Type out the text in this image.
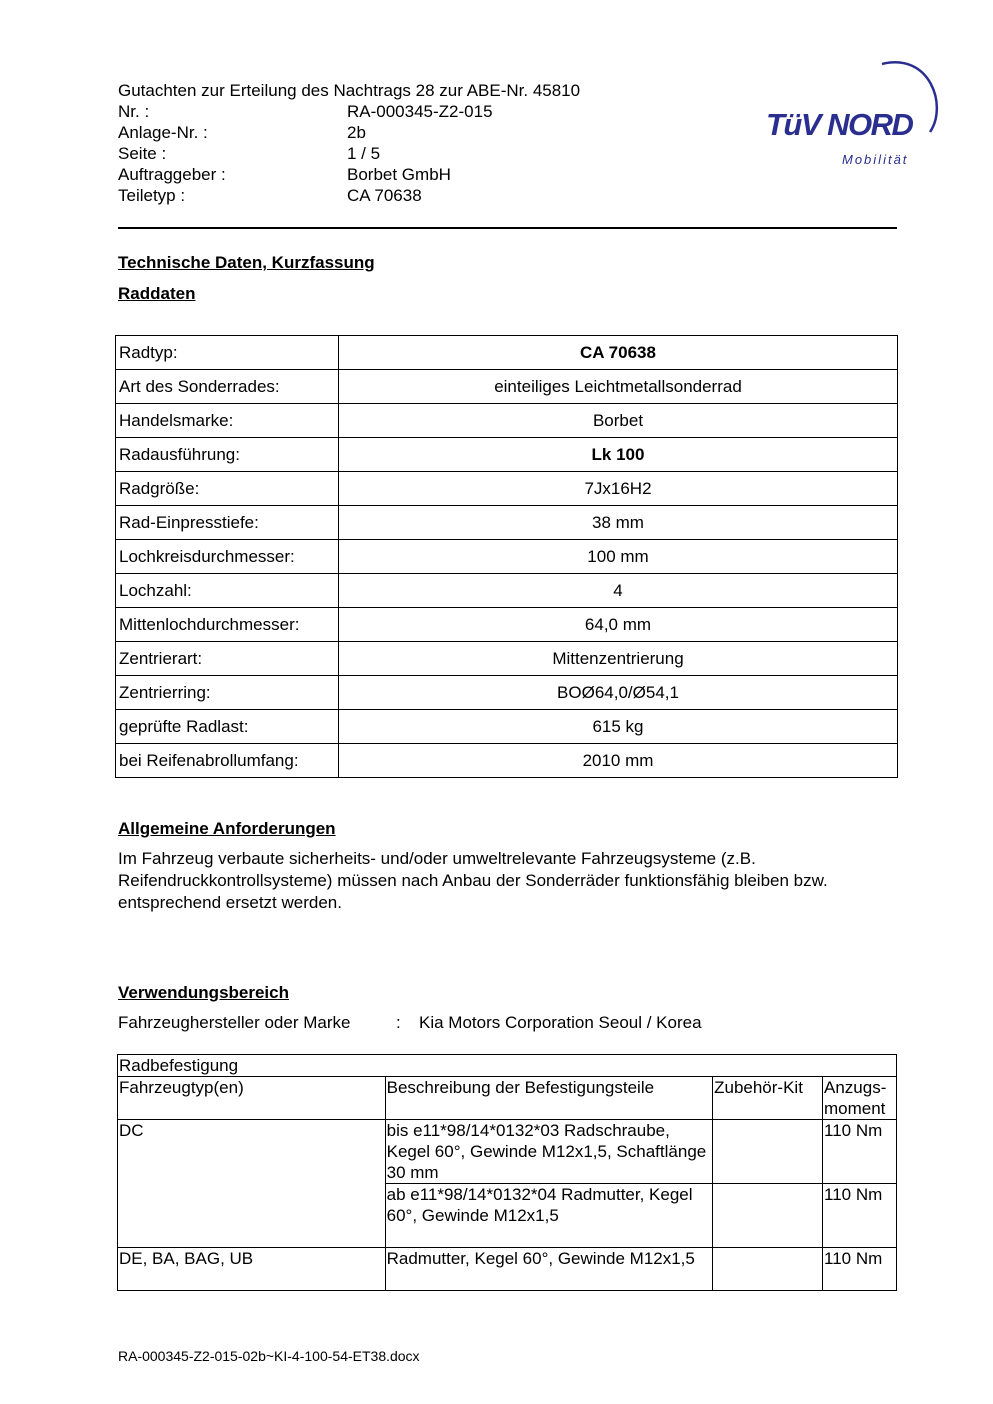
Gutachten zur Erteilung des Nachtrags 28 zur ABE-Nr. 45810
Nr. :	RA-000345-Z2-015
Anlage-Nr. :	2b
Seite :	1 / 5
Auftraggeber :	Borbet GmbH
Teiletyp :	CA 70638
TüV NORD
Mobilität
Technische Daten, Kurzfassung
Raddaten
Radtyp:	CA 70638
Art des Sonderrades:	einteiliges Leichtmetallsonderrad
Handelsmarke:	Borbet
Radausführung:	Lk 100
Radgröße:	7Jx16H2
Rad-Einpresstiefe:	38 mm
Lochkreisdurchmesser:	100 mm
Lochzahl:	4
Mittenlochdurchmesser:	64,0 mm
Zentrierart:	Mittenzentrierung
Zentrierring:	BOØ64,0/Ø54,1
geprüfte Radlast:	615 kg
bei Reifenabrollumfang:	2010 mm
Allgemeine Anforderungen
Im Fahrzeug verbaute sicherheits- und/oder umweltrelevante Fahrzeugsysteme (z.B. Reifendruckkontrollsysteme) müssen nach Anbau der Sonderräder funktionsfähig bleiben bzw. entsprechend ersetzt werden.
Verwendungsbereich
Fahrzeughersteller oder Marke	: Kia Motors Corporation Seoul / Korea
Radbefestigung			
Fahrzeugtyp(en)	Beschreibung der Befestigungsteile	Zubehör-Kit	Anzugs-moment
DC	bis e11*98/14*0132*03 Radschraube, Kegel 60°, Gewinde M12x1,5, Schaftlänge 30 mm		110 Nm
	ab e11*98/14*0132*04 Radmutter, Kegel 60°, Gewinde M12x1,5		110 Nm
DE, BA, BAG, UB	Radmutter, Kegel 60°, Gewinde M12x1,5		110 Nm
RA-000345-Z2-015-02b~KI-4-100-54-ET38.docx
